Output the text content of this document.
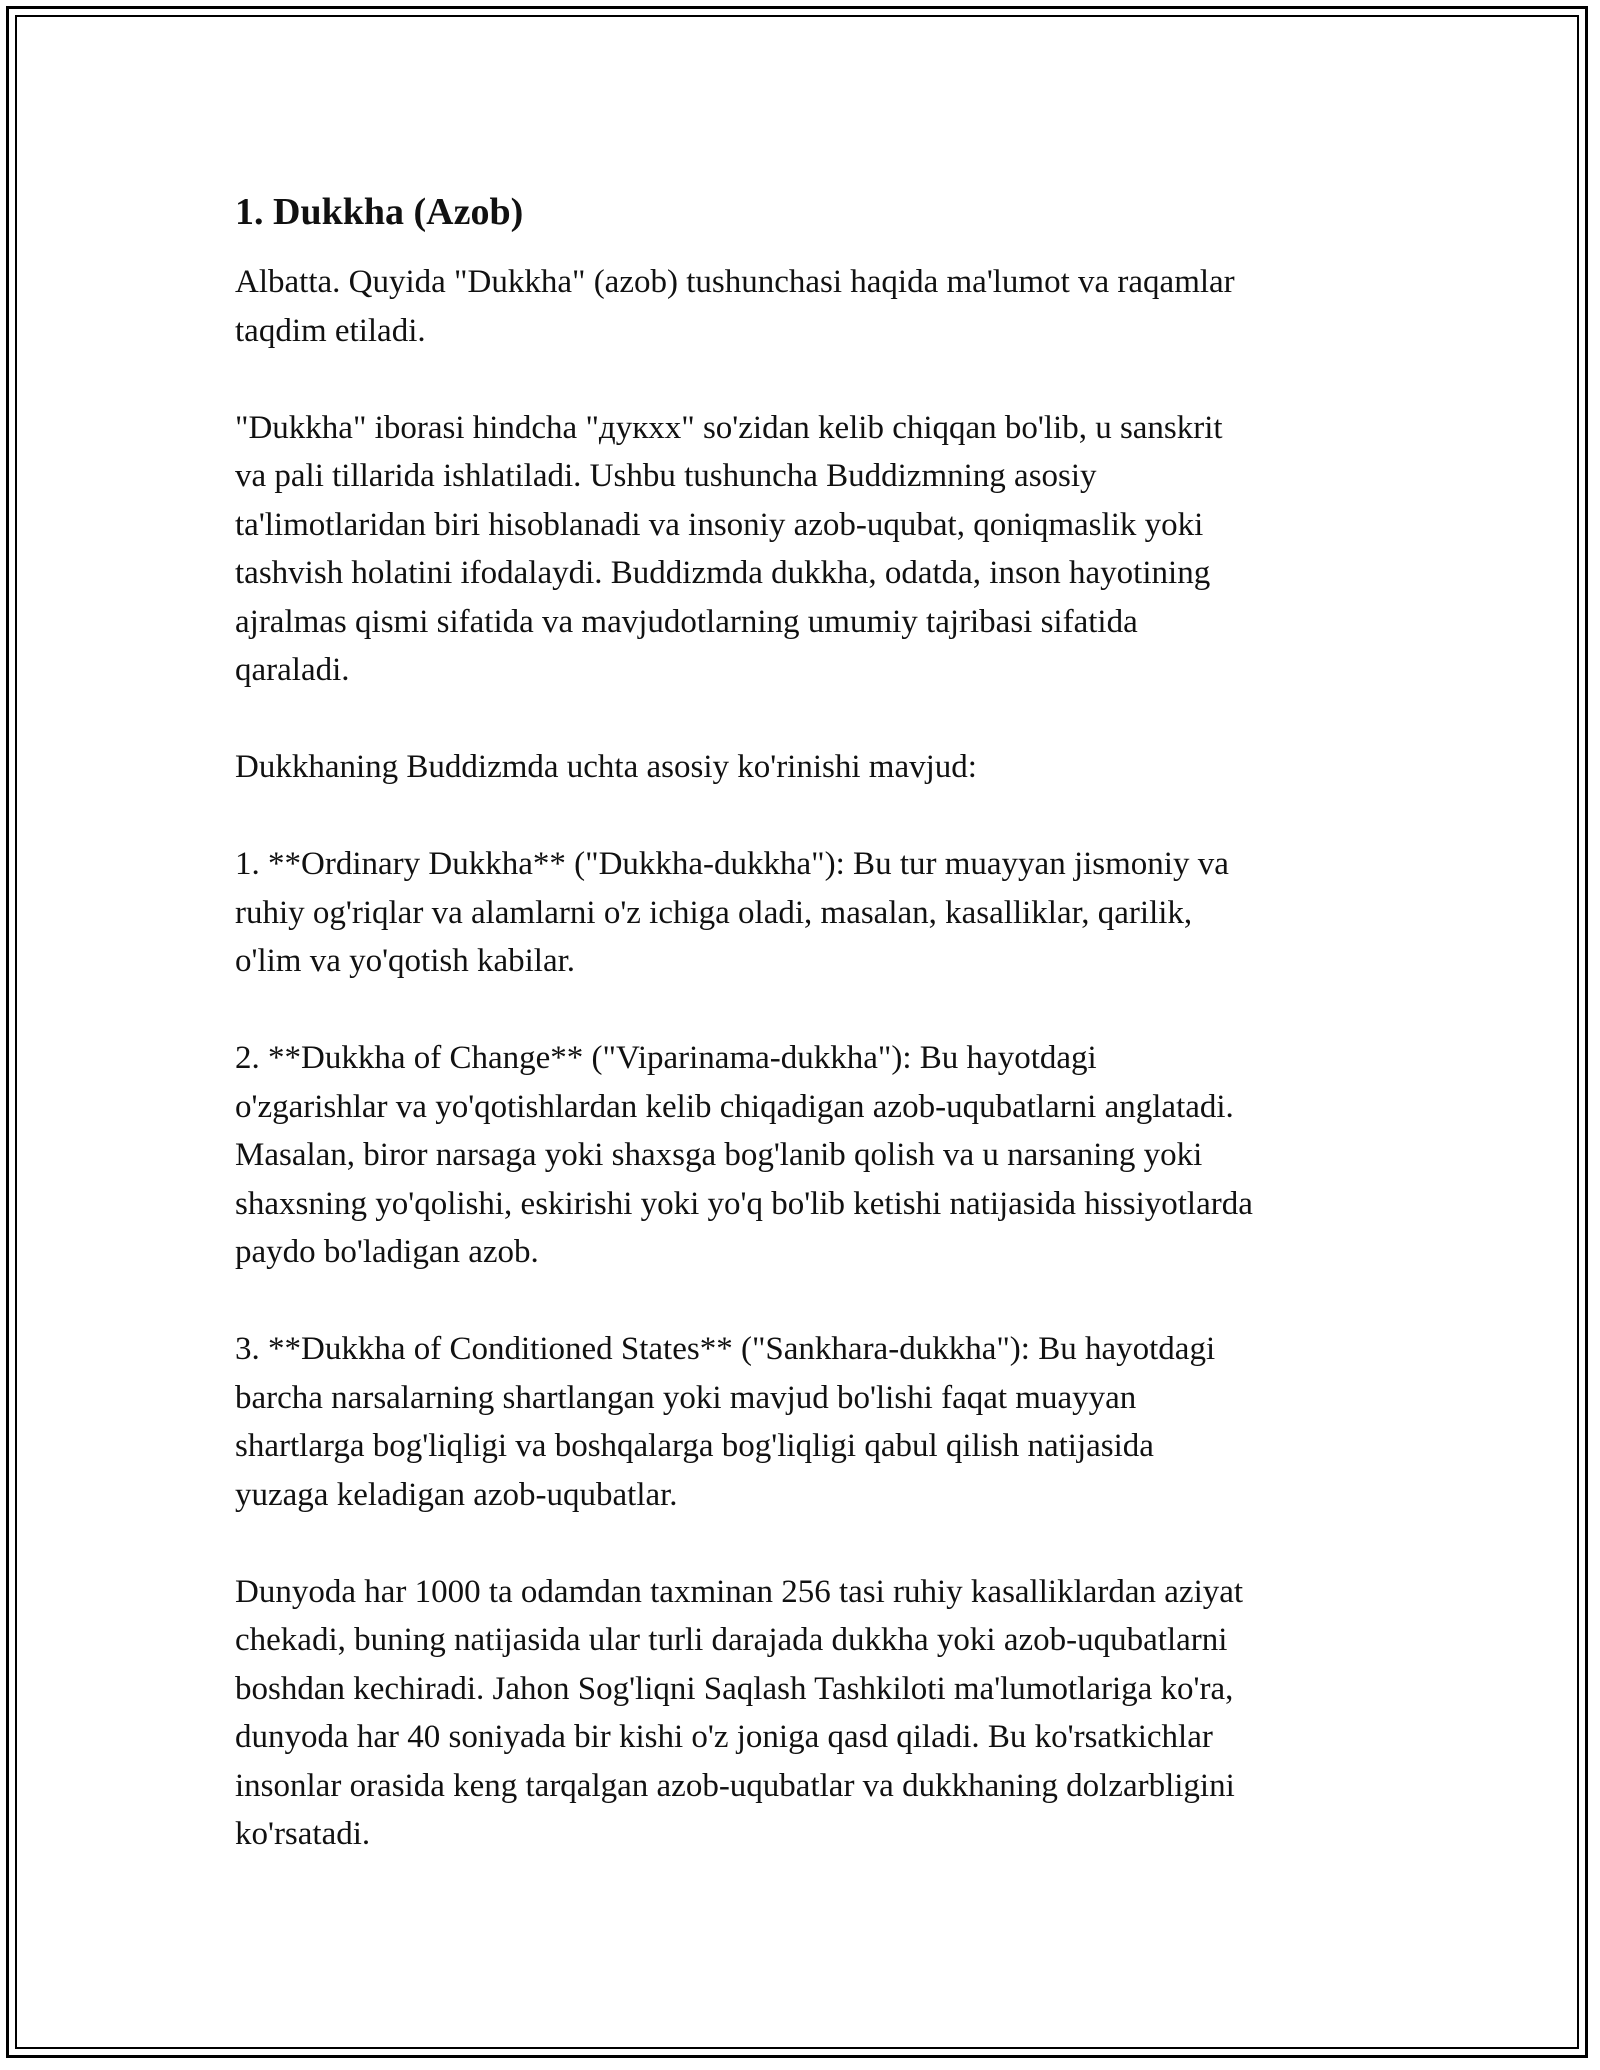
1. Dukkha (Azob)

Albatta. Quyida "Dukkha" (azob) tushunchasi haqida ma'lumot va raqamlar
taqdim etiladi.

"Dukkha" iborasi hindcha "дукхх" so'zidan kelib chiqqan bo'lib, u sanskrit
va pali tillarida ishlatiladi. Ushbu tushuncha Buddizmning asosiy
ta'limotlaridan biri hisoblanadi va insoniy azob-uqubat, qoniqmaslik yoki
tashvish holatini ifodalaydi. Buddizmda dukkha, odatda, inson hayotining
ajralmas qismi sifatida va mavjudotlarning umumiy tajribasi sifatida
qaraladi.

Dukkhaning Buddizmda uchta asosiy ko'rinishi mavjud:

1. **Ordinary Dukkha** ("Dukkha-dukkha"): Bu tur muayyan jismoniy va
ruhiy og'riqlar va alamlarni o'z ichiga oladi, masalan, kasalliklar, qarilik,
o'lim va yo'qotish kabilar.

2. **Dukkha of Change** ("Viparinama-dukkha"): Bu hayotdagi
o'zgarishlar va yo'qotishlardan kelib chiqadigan azob-uqubatlarni anglatadi.
Masalan, biror narsaga yoki shaxsga bog'lanib qolish va u narsaning yoki
shaxsning yo'qolishi, eskirishi yoki yo'q bo'lib ketishi natijasida hissiyotlarda
paydo bo'ladigan azob.

3. **Dukkha of Conditioned States** ("Sankhara-dukkha"): Bu hayotdagi
barcha narsalarning shartlangan yoki mavjud bo'lishi faqat muayyan
shartlarga bog'liqligi va boshqalarga bog'liqligi qabul qilish natijasida
yuzaga keladigan azob-uqubatlar.

Dunyoda har 1000 ta odamdan taxminan 256 tasi ruhiy kasalliklardan aziyat
chekadi, buning natijasida ular turli darajada dukkha yoki azob-uqubatlarni
boshdan kechiradi. Jahon Sog'liqni Saqlash Tashkiloti ma'lumotlariga ko'ra,
dunyoda har 40 soniyada bir kishi o'z joniga qasd qiladi. Bu ko'rsatkichlar
insonlar orasida keng tarqalgan azob-uqubatlar va dukkhaning dolzarbligini
ko'rsatadi.
